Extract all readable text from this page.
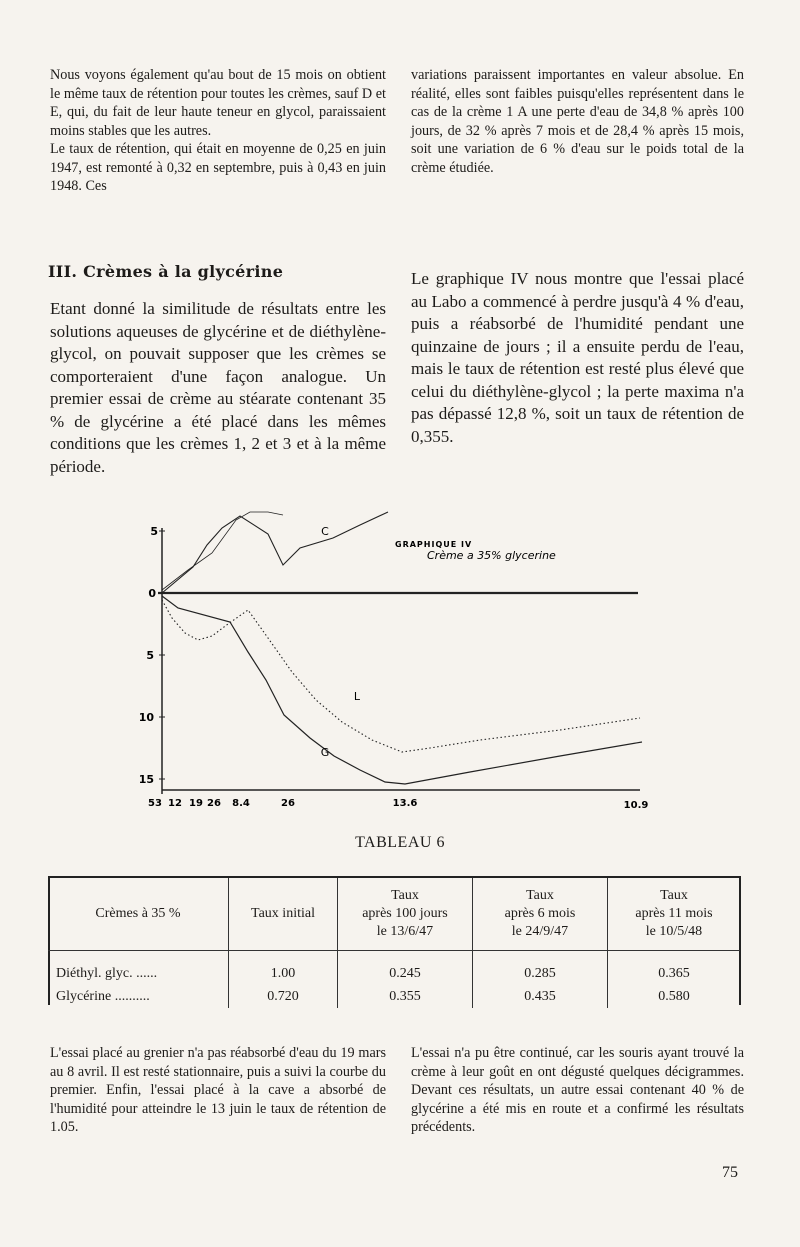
Nous voyons également qu'au bout de 15 mois on obtient le même taux de rétention pour toutes les crèmes, sauf D et E, qui, du fait de leur haute teneur en glycol, paraissaient moins stables que les autres.

Le taux de rétention, qui était en moyenne de 0,25 en juin 1947, est remonté à 0,32 en septembre, puis à 0,43 en juin 1948. Ces

variations paraissent importantes en valeur absolue. En réalité, elles sont faibles puisqu'elles représentent dans le cas de la crème 1 A une perte d'eau de 34,8 % après 100 jours, de 32 % après 7 mois et de 28,4 % après 15 mois, soit une variation de 6 % d'eau sur le poids total de la crème étudiée.

III. Crèmes à la glycérine

Etant donné la similitude de résultats entre les solutions aqueuses de glycérine et de diéthylène-glycol, on pouvait supposer que les crèmes se comporteraient d'une façon analogue. Un premier essai de crème au stéarate contenant 35 % de glycérine a été placé dans les mêmes conditions que les crèmes 1, 2 et 3 et à la même période.

Le graphique IV nous montre que l'essai placé au Labo a commencé à perdre jusqu'à 4 % d'eau, puis a réabsorbé de l'humidité pendant une quinzaine de jours ; il a ensuite perdu de l'eau, mais le taux de rétention est resté plus élevé que celui du diéthylène-glycol ; la perte maxima n'a pas dépassé 12,8 %, soit un taux de rétention de 0,355.

5
0
5
10
15
53 12 19 26 8.4	26	13.6	10.9
C
L
G
GRAPHIQUE IV
Crème a 35% glycerine
TABLEAU 6
Crèmes à 35 %	Taux initial	Taux
après 100 jours
le 13/6/47	Taux
après 6 mois
le 24/9/47	Taux
après 11 mois
le 10/5/48
Diéthyl. glyc. ......	1.00	0.245	0.285	0.365
Glycérine ..........	0.720	0.355	0.435	0.580

L'essai placé au grenier n'a pas réabsorbé d'eau du 19 mars au 8 avril. Il est resté stationnaire, puis a suivi la courbe du premier. Enfin, l'essai placé à la cave a absorbé de l'humidité pour atteindre le 13 juin le taux de rétention de 1.05.

L'essai n'a pu être continué, car les souris ayant trouvé la crème à leur goût en ont dégusté quelques décigrammes. Devant ces résultats, un autre essai contenant 40 % de glycérine a été mis en route et a confirmé les résultats précédents.

75
